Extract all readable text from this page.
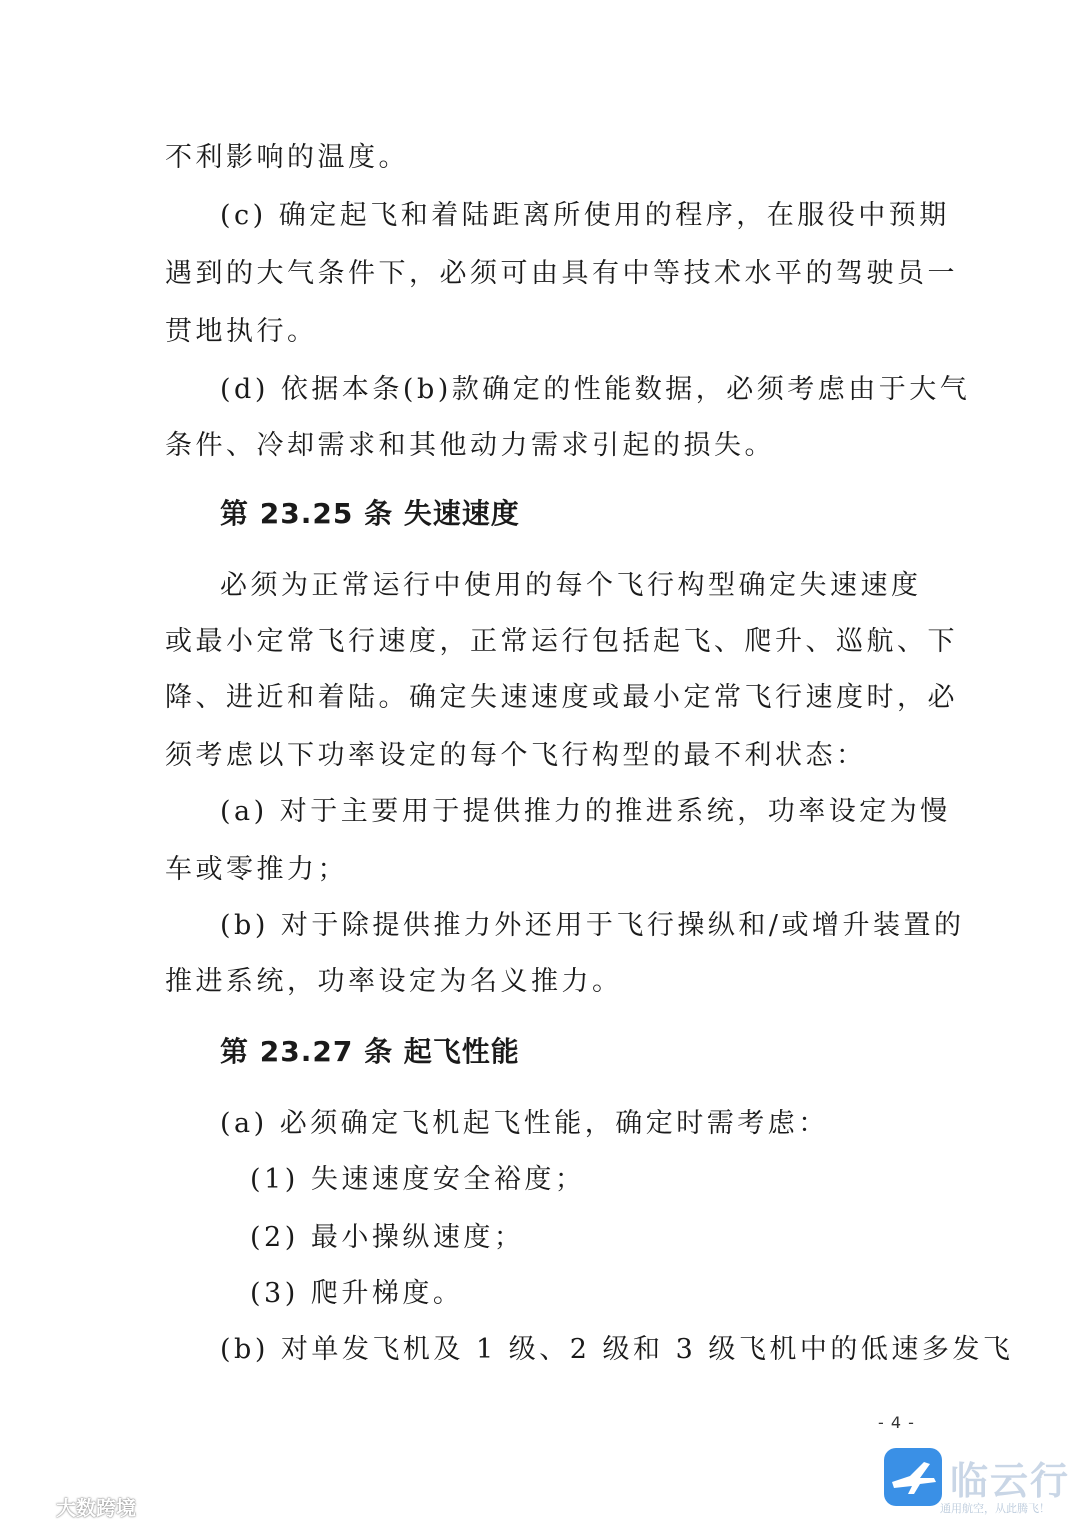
不利影响的温度。
(c) 确定起飞和着陆距离所使用的程序，在服役中预期
遇到的大气条件下，必须可由具有中等技术水平的驾驶员一
贯地执行。
(d) 依据本条(b)款确定的性能数据，必须考虑由于大气
条件、冷却需求和其他动力需求引起的损失。
第 23.25 条 失速速度
必须为正常运行中使用的每个飞行构型确定失速速度
或最小定常飞行速度，正常运行包括起飞、爬升、巡航、下
降、进近和着陆。确定失速速度或最小定常飞行速度时，必
须考虑以下功率设定的每个飞行构型的最不利状态：
(a) 对于主要用于提供推力的推进系统，功率设定为慢
车或零推力；
(b) 对于除提供推力外还用于飞行操纵和/或增升装置的
推进系统，功率设定为名义推力。
第 23.27 条 起飞性能
(a) 必须确定飞机起飞性能，确定时需考虑：
(1) 失速速度安全裕度；
(2) 最小操纵速度；
(3) 爬升梯度。
(b) 对单发飞机及 1 级、2 级和 3 级飞机中的低速多发飞
- 4 -
大数跨境
临云行
通用航空，从此腾飞！
